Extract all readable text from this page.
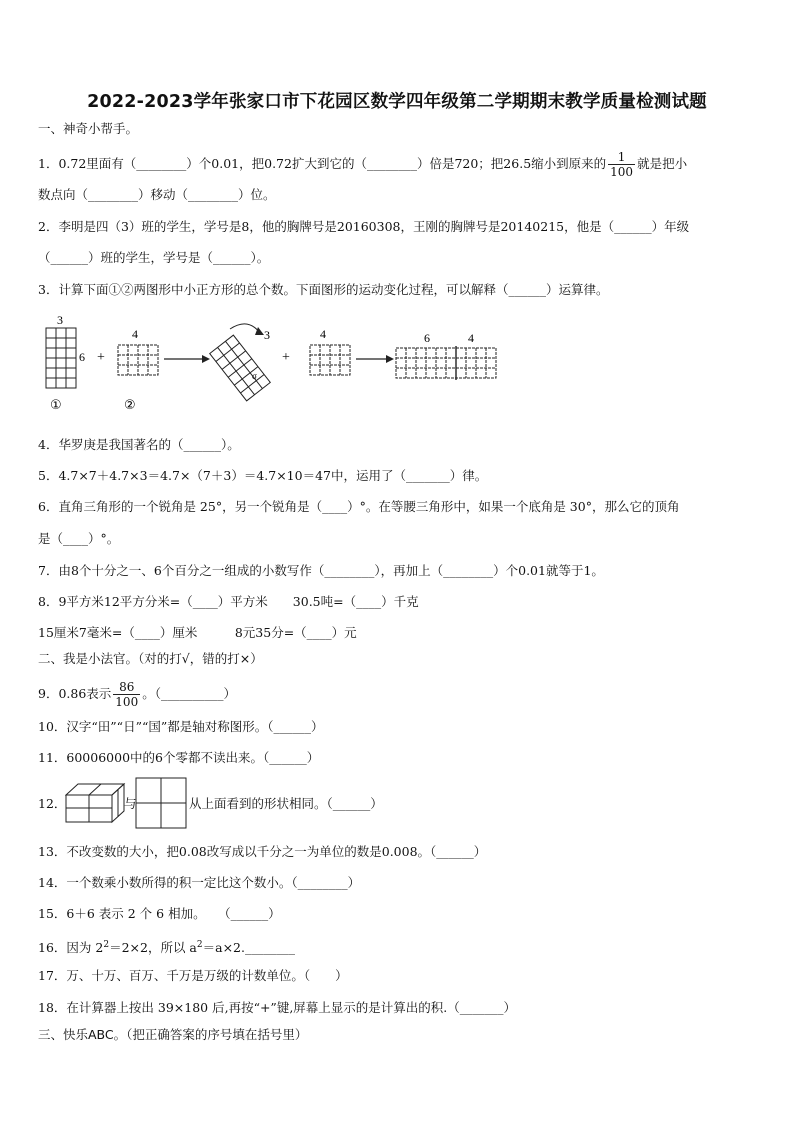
2022-2023学年张家口市下花园区数学四年级第二学期期末教学质量检测试题
一、神奇小帮手。
1．0.72里面有（________）个0.01，把0.72扩大到它的（________）倍是720；把26.5缩小到原来的 $\frac{1}{100}$ 就是把小
数点向（________）移动（________）位。
2．李明是四（3）班的学生，学号是8，他的胸牌号是20160308，王刚的胸牌号是20140215，他是（______）年级
（______）班的学生，学号是（______）。
3．计算下面①②两图形中小正方形的总个数。下面图形的运动变化过程，可以解释（______）运算律。
3
6
①
+
4
②
3
σ
+
4	6	4
4．华罗庚是我国著名的（______）。
5．4.7×7＋4.7×3＝4.7×（7＋3）＝4.7×10＝47中，运用了（_______）律。
6．直角三角形的一个锐角是 25°，另一个锐角是（____）°。在等腰三角形中，如果一个底角是 30°，那么它的顶角
是（____）°。
7．由8个十分之一、6个百分之一组成的小数写作（________），再加上（________）个0.01就等于1。
8．9平方米12平方分米=（____）平方米　　30.5吨=（____）千克
15厘米7毫米=（____）厘米　　　8元35分=（____）元
二、我是小法官。（对的打√，错的打×）
9．0.86表示 $\frac{86}{100}$ 。（__________）
10．汉字“田”“日”“国”都是轴对称图形。（______）
11．60006000中的6个零都不读出来。（______）
12．	与	从上面看到的形状相同。（______）
13．不改变数的大小，把0.08改写成以千分之一为单位的数是0.008。（______）
14．一个数乘小数所得的积一定比这个数小。（________）
15．6＋6 表示 2 个 6 相加。　　（______）
16．因为 $2^2=2\times 2$，所以 $a^2=a\times 2.\_\_\_\_\_\_\_\_$
17．万、十万、百万、千万是万级的计数单位。（　　）
18．在计算器上按出 39×180 后,再按“+”键,屏幕上显示的是计算出的积.（_______）
三、快乐ABC。（把正确答案的序号填在括号里）
